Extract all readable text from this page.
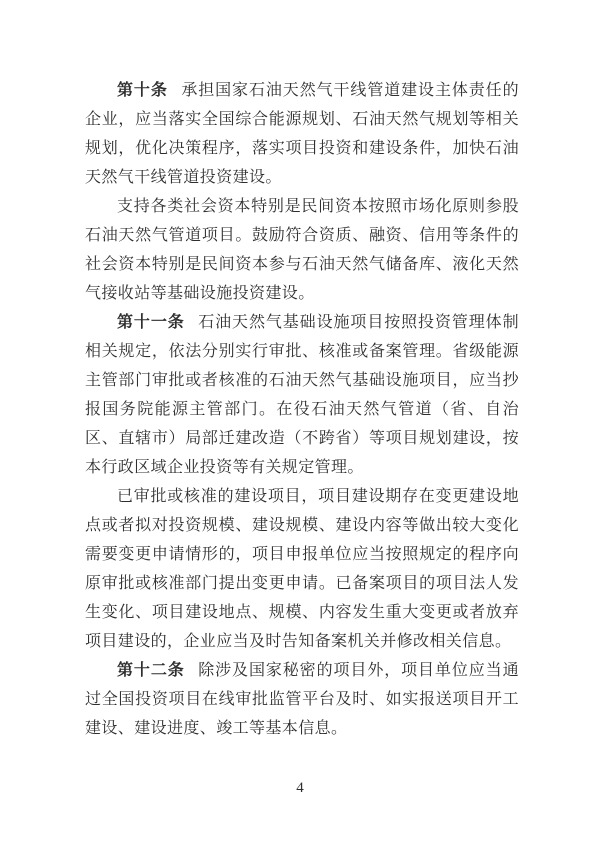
第十条 承担国家石油天然气干线管道建设主体责任的企业，应当落实全国综合能源规划、石油天然气规划等相关规划，优化决策程序，落实项目投资和建设条件，加快石油天然气干线管道投资建设。

支持各类社会资本特别是民间资本按照市场化原则参股石油天然气管道项目。鼓励符合资质、融资、信用等条件的社会资本特别是民间资本参与石油天然气储备库、液化天然气接收站等基础设施投资建设。

第十一条 石油天然气基础设施项目按照投资管理体制相关规定，依法分别实行审批、核准或备案管理。省级能源主管部门审批或者核准的石油天然气基础设施项目，应当抄报国务院能源主管部门。在役石油天然气管道（省、自治区、直辖市）局部迁建改造（不跨省）等项目规划建设，按本行政区域企业投资等有关规定管理。

已审批或核准的建设项目，项目建设期存在变更建设地点或者拟对投资规模、建设规模、建设内容等做出较大变化需要变更申请情形的，项目申报单位应当按照规定的程序向原审批或核准部门提出变更申请。已备案项目的项目法人发生变化、项目建设地点、规模、内容发生重大变更或者放弃项目建设的，企业应当及时告知备案机关并修改相关信息。

第十二条 除涉及国家秘密的项目外，项目单位应当通过全国投资项目在线审批监管平台及时、如实报送项目开工建设、建设进度、竣工等基本信息。

4
